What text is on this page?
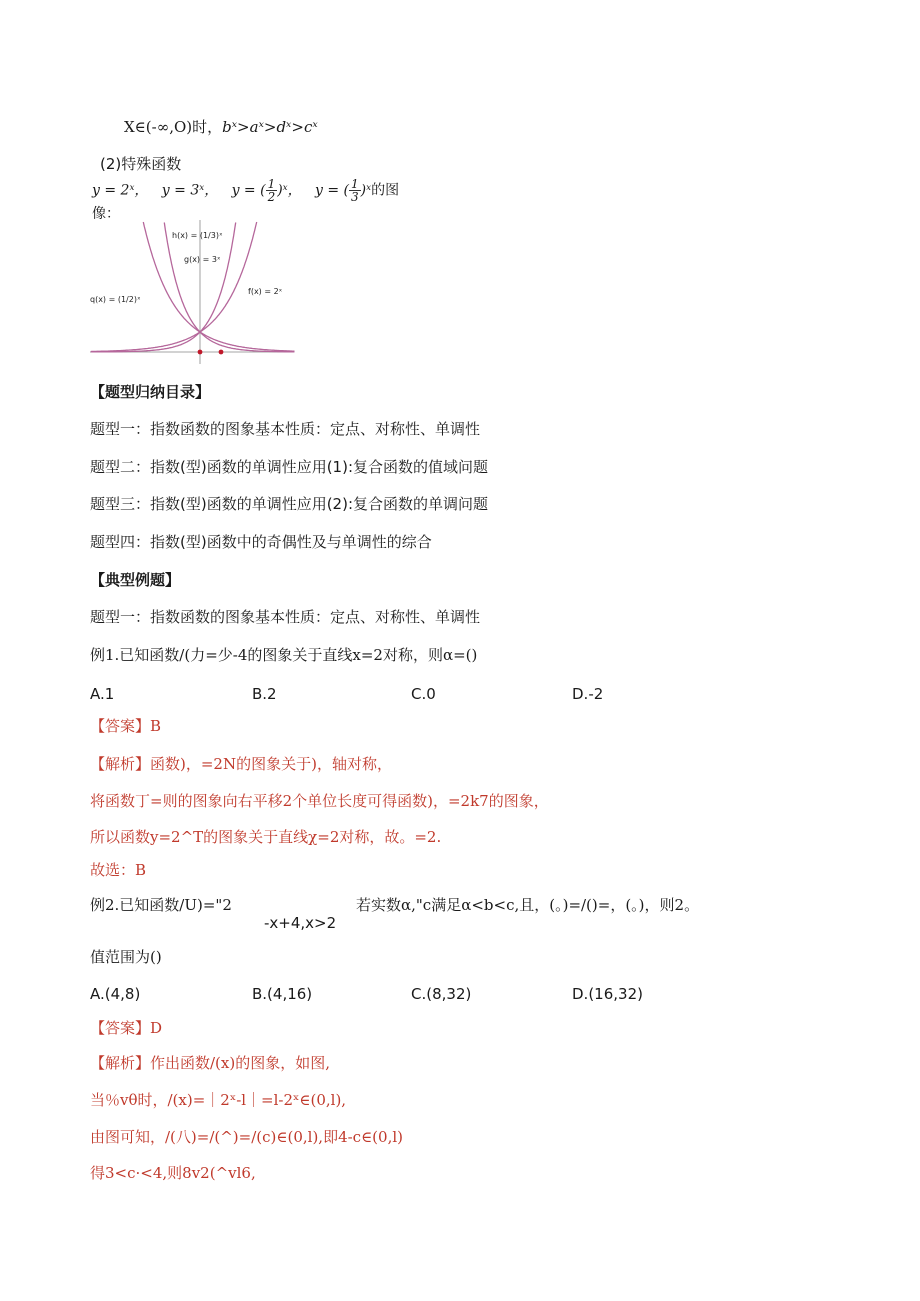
X∈(-∞,O)时，bˣ>aˣ>dˣ>cˣ
(2)特殊函数
y = 2ˣ， y = 3ˣ， y = ( $\frac{1}{2}$ )ˣ， y = ( $\frac{1}{3}$ )ˣ的图像：
h(x) = (1/3)ˣ
g(x) = 3ˣ
f(x) = 2ˣ
q(x) = (1/2)ˣ
【题型归纳目录】
题型一：指数函数的图象基本性质：定点、对称性、单调性
题型二：指数(型)函数的单调性应用(1):复合函数的值域问题
题型三：指数(型)函数的单调性应用(2):复合函数的单调问题
题型四：指数(型)函数中的奇偶性及与单调性的综合
【典型例题】
题型一：指数函数的图象基本性质：定点、对称性、单调性
例1.已知函数/(力=少-4的图象关于直线x=2对称，则α=()
A.1	B.2	C.0	D.-2
【答案】B
【解析】函数)，=2N的图象关于)，轴对称，
将函数丁=则的图象向右平移2个单位长度可得函数)，=2k7的图象，
所以函数y=2^T的图象关于直线χ=2对称，故。=2.
故选：B
例2.已知函数/U)="2	若实数α,"c满足α<b<c,且，(。)=/()=，(。)，则2。
-x+4,x>2
值范围为()
A.(4,8)	B.(4,16)	C.(8,32)	D.(16,32)
【答案】D
【解析】作出函数/(x)的图象，如图,
当％vθ时，/(x)=｜2ˣ-l｜=l-2ˣ∈(0,l),
由图可知，/(八)=/(^)=/(c)∈(0,l),即4-c∈(0,l)
得3<c·<4,则8v2(^vl6,
